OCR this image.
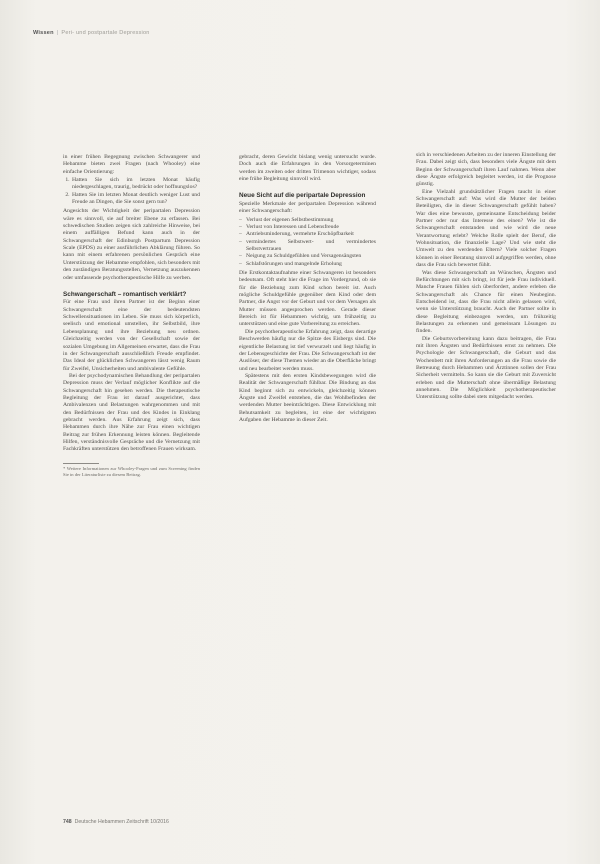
Wissen | Peri- und postpartale Depression

in einer frühen Begegnung zwischen Schwangerer und Hebamme bieten zwei Fragen (nach Whooley) eine einfache Orientierung:

1. Hatten Sie sich im letzten Monat häufig niedergeschlagen, traurig, bedrückt oder hoffnungslos?
2. Hatten Sie im letzten Monat deutlich weniger Lust und Freude an Dingen, die Sie sonst gern tun?

Angesichts der Wichtigkeit der peripartalen Depression wäre es sinnvoll, sie auf breiter Ebene zu erfassen. Bei schwedischen Studien zeigen sich zahlreiche Hinweise, bei einem auffälligen Befund kann auch in der Schwangerschaft der Edinburgh Postpartum Depression Scale (EPDS) zu einer ausführlichen Abklärung führen. So kann mit einem erfahrenen persönlichen Gespräch eine Unterstützung der Hebamme empfohlen, sich besonders mit den zuständigen Beratungsstellen, Vernetzung auszukennen oder umfassende psychotherapeutische Hilfe zu werben.

Schwangerschaft – romantisch verklärt?

Für eine Frau und ihren Partner ist der Beginn einer Schwangerschaft eine der bedeutendsten Schwellensituationen im Leben. Sie muss sich körperlich, seelisch und emotional umstellen, ihr Selbstbild, ihre Lebensplanung und ihre Beziehung neu ordnen. Gleichzeitig werden von der Gesellschaft sowie der sozialen Umgebung im Allgemeinen erwartet, dass die Frau in der Schwangerschaft ausschließlich Freude empfindet. Das Ideal der glücklichen Schwangeren lässt wenig Raum für Zweifel, Unsicherheiten und ambivalente Gefühle.

Bei der psychodynamischen Behandlung der peripartalen Depression muss der Verlauf möglicher Konflikte auf die Schwangerschaft hin gesehen werden. Die therapeutische Begleitung der Frau ist darauf ausgerichtet, dass Ambivalenzen und Belastungen wahrgenommen und mit den Bedürfnissen der Frau und des Kindes in Einklang gebracht werden. Aus Erfahrung zeigt sich, dass Hebammen durch ihre Nähe zur Frau einen wichtigen Beitrag zur frühen Erkennung leisten können. Begleitende Hilfen, verständnisvolle Gespräche und die Vernetzung mit Fachkräften unterstützen den betroffenen Frauen wirksam.

* Weitere Informationen zur Whooley-Fragen und zum Screening finden Sie in der Literaturliste zu diesem Beitrag.

gebracht, deren Gewicht bislang wenig untersucht wurde. Doch auch die Erfahrungen in den Vorsorgeterminen werden im zweiten oder dritten Trimenon wichtiger, sodass eine frühe Begleitung sinnvoll wird.

Neue Sicht auf die peripartale Depression

Spezielle Merkmale der peripartalen Depression während einer Schwangerschaft:

– Verlust der eigenen Selbstbestimmung
– Verlust von Interessen und Lebensfreude
– Antriebsminderung, vermehrte Erschöpfbarkeit
– vermindertes Selbstwert- und vermindertes Selbstvertrauen
– Neigung zu Schuldgefühlen und Versagensängsten
– Schlafstörungen und mangelnde Erholung

Die Erstkontaktaufnahme einer Schwangeren ist besonders bedeutsam. Oft steht hier die Frage im Vordergrund, ob sie für die Beziehung zum Kind schon bereit ist. Auch mögliche Schuldgefühle gegenüber dem Kind oder dem Partner, die Angst vor der Geburt und vor dem Versagen als Mutter müssen angesprochen werden. Gerade dieser Bereich ist für Hebammen wichtig, um frühzeitig zu unterstützen und eine gute Vorbereitung zu erreichen.

Die psychotherapeutische Erfahrung zeigt, dass derartige Beschwerden häufig nur die Spitze des Eisbergs sind. Die eigentliche Belastung ist tief verwurzelt und liegt häufig in der Lebensgeschichte der Frau. Die Schwangerschaft ist der Auslöser, der diese Themen wieder an die Oberfläche bringt und neu bearbeitet werden muss.

Spätestens mit den ersten Kindsbewegungen wird die Realität der Schwangerschaft fühlbar. Die Bindung an das Kind beginnt sich zu entwickeln, gleichzeitig können Ängste und Zweifel entstehen, die das Wohlbefinden der werdenden Mutter beeinträchtigen. Diese Entwicklung mit Behutsamkeit zu begleiten, ist eine der wichtigsten Aufgaben der Hebamme in dieser Zeit.

sich in verschiedenen Arbeiten zu der inneren Einstellung der Frau. Dabei zeigt sich, dass besonders viele Ängste mit dem Beginn der Schwangerschaft ihren Lauf nahmen. Wenn aber diese Ängste erfolgreich begleitet werden, ist die Prognose günstig.

Eine Vielzahl grundsätzlicher Fragen taucht in einer Schwangerschaft auf: Was wird die Mutter der beiden Beteiligten, die in dieser Schwangerschaft gefühlt haben? War dies eine bewusste, gemeinsame Entscheidung beider Partner oder nur das Interesse des einen? Wie ist die Schwangerschaft entstanden und wie wird die neue Verantwortung erlebt? Welche Rolle spielt der Beruf, die Wohnsituation, die finanzielle Lage? Und wie steht die Umwelt zu den werdenden Eltern? Viele solcher Fragen können in einer Beratung sinnvoll aufgegriffen werden, ohne dass die Frau sich bewertet fühlt.

Was diese Schwangerschaft an Wünschen, Ängsten und Befürchtungen mit sich bringt, ist für jede Frau individuell. Manche Frauen fühlen sich überfordert, andere erleben die Schwangerschaft als Chance für einen Neubeginn. Entscheidend ist, dass die Frau nicht allein gelassen wird, wenn sie Unterstützung braucht. Auch der Partner sollte in diese Begleitung einbezogen werden, um frühzeitig Belastungen zu erkennen und gemeinsam Lösungen zu finden.

Die Geburtsvorbereitung kann dazu beitragen, die Frau mit ihren Ängsten und Bedürfnissen ernst zu nehmen. Die Psychologie der Schwangerschaft, die Geburt und das Wochenbett mit ihren Anforderungen an die Frau sowie die Betreuung durch Hebammen und Ärztinnen sollen der Frau Sicherheit vermitteln. So kann sie die Geburt mit Zuversicht erleben und die Mutterschaft ohne übermäßige Belastung annehmen. Die Möglichkeit psychotherapeutischer Unterstützung sollte dabei stets mitgedacht werden.

748 Deutsche Hebammen Zeitschrift 10/2016
